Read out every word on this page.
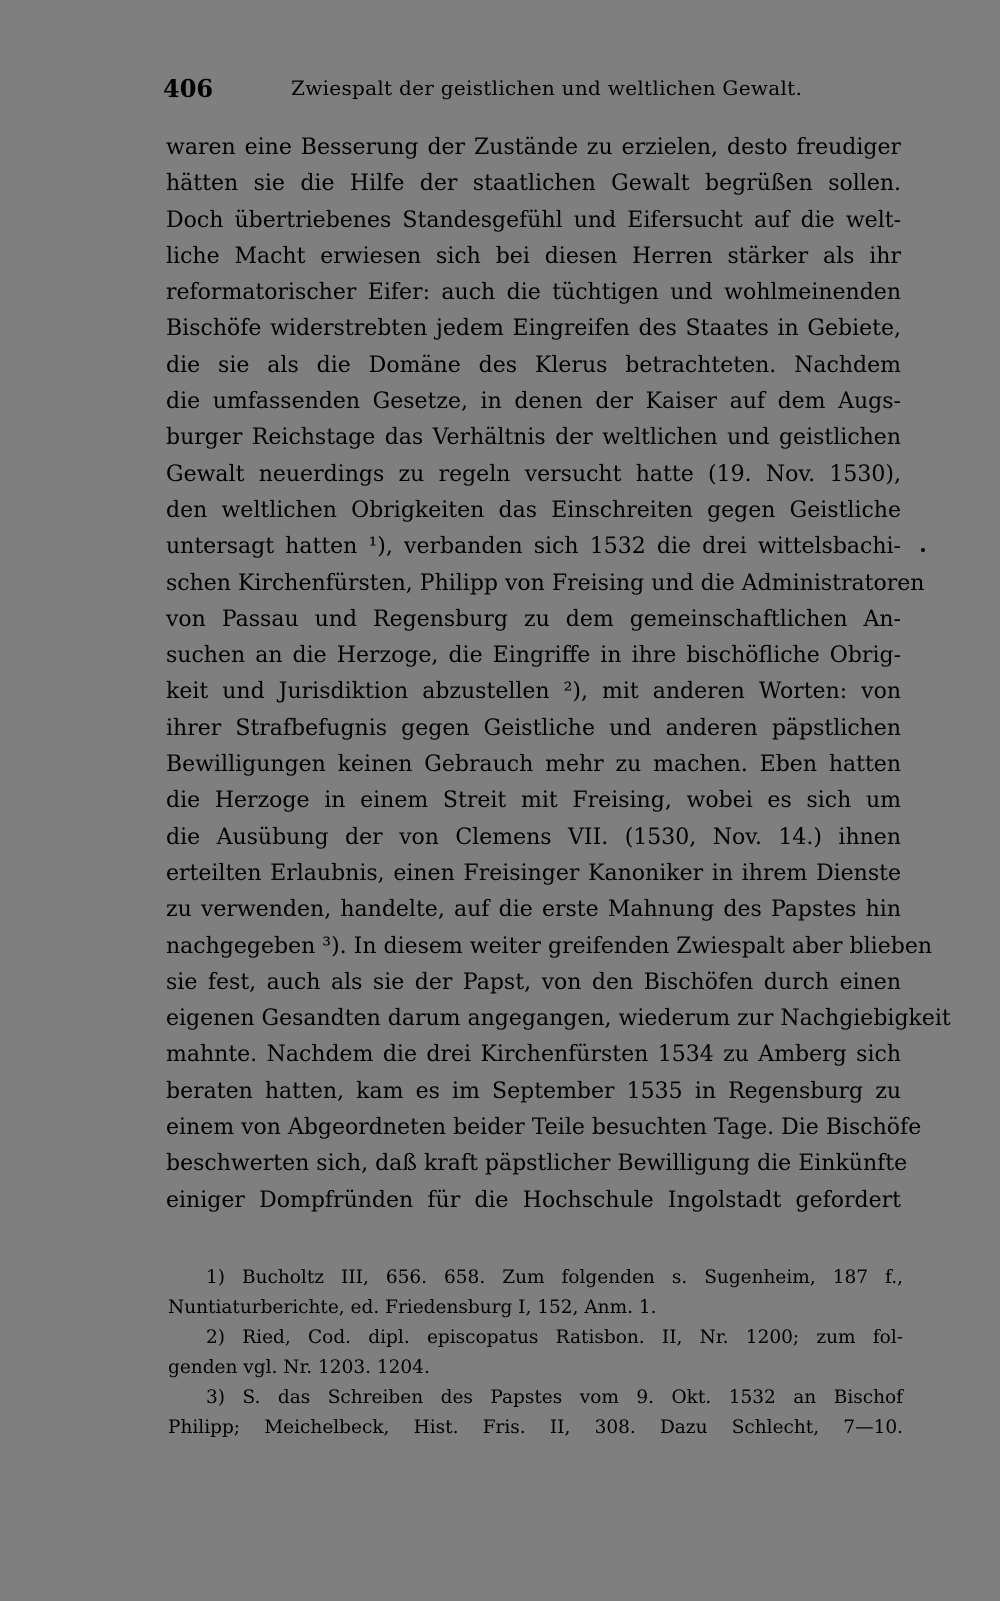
406	Zwiespalt der geistlichen und weltlichen Gewalt.
waren eine Besserung der Zustände zu erzielen, desto freudiger
hätten sie die Hilfe der staatlichen Gewalt begrüßen sollen.
Doch übertriebenes Standesgefühl und Eifersucht auf die welt-
liche Macht erwiesen sich bei diesen Herren stärker als ihr
reformatorischer Eifer: auch die tüchtigen und wohlmeinenden
Bischöfe widerstrebten jedem Eingreifen des Staates in Gebiete,
die sie als die Domäne des Klerus betrachteten. Nachdem
die umfassenden Gesetze, in denen der Kaiser auf dem Augs-
burger Reichstage das Verhältnis der weltlichen und geistlichen
Gewalt neuerdings zu regeln versucht hatte (19. Nov. 1530),
den weltlichen Obrigkeiten das Einschreiten gegen Geistliche
untersagt hatten ¹), verbanden sich 1532 die drei wittelsbachi-
schen Kirchenfürsten, Philipp von Freising und die Administratoren
von Passau und Regensburg zu dem gemeinschaftlichen An-
suchen an die Herzoge, die Eingriffe in ihre bischöfliche Obrig-
keit und Jurisdiktion abzustellen ²), mit anderen Worten: von
ihrer Strafbefugnis gegen Geistliche und anderen päpstlichen
Bewilligungen keinen Gebrauch mehr zu machen. Eben hatten
die Herzoge in einem Streit mit Freising, wobei es sich um
die Ausübung der von Clemens VII. (1530, Nov. 14.) ihnen
erteilten Erlaubnis, einen Freisinger Kanoniker in ihrem Dienste
zu verwenden, handelte, auf die erste Mahnung des Papstes hin
nachgegeben ³). In diesem weiter greifenden Zwiespalt aber blieben
sie fest, auch als sie der Papst, von den Bischöfen durch einen
eigenen Gesandten darum angegangen, wiederum zur Nachgiebigkeit
mahnte. Nachdem die drei Kirchenfürsten 1534 zu Amberg sich
beraten hatten, kam es im September 1535 in Regensburg zu
einem von Abgeordneten beider Teile besuchten Tage. Die Bischöfe
beschwerten sich, daß kraft päpstlicher Bewilligung die Einkünfte
einiger Dompfründen für die Hochschule Ingolstadt gefordert
1) Bucholtz III, 656. 658. Zum folgenden s. Sugenheim, 187 f.,
Nuntiaturberichte, ed. Friedensburg I, 152, Anm. 1.
2) Ried, Cod. dipl. episcopatus Ratisbon. II, Nr. 1200; zum fol-
genden vgl. Nr. 1203. 1204.
3) S. das Schreiben des Papstes vom 9. Okt. 1532 an Bischof
Philipp; Meichelbeck, Hist. Fris. II, 308. Dazu Schlecht, 7—10.
